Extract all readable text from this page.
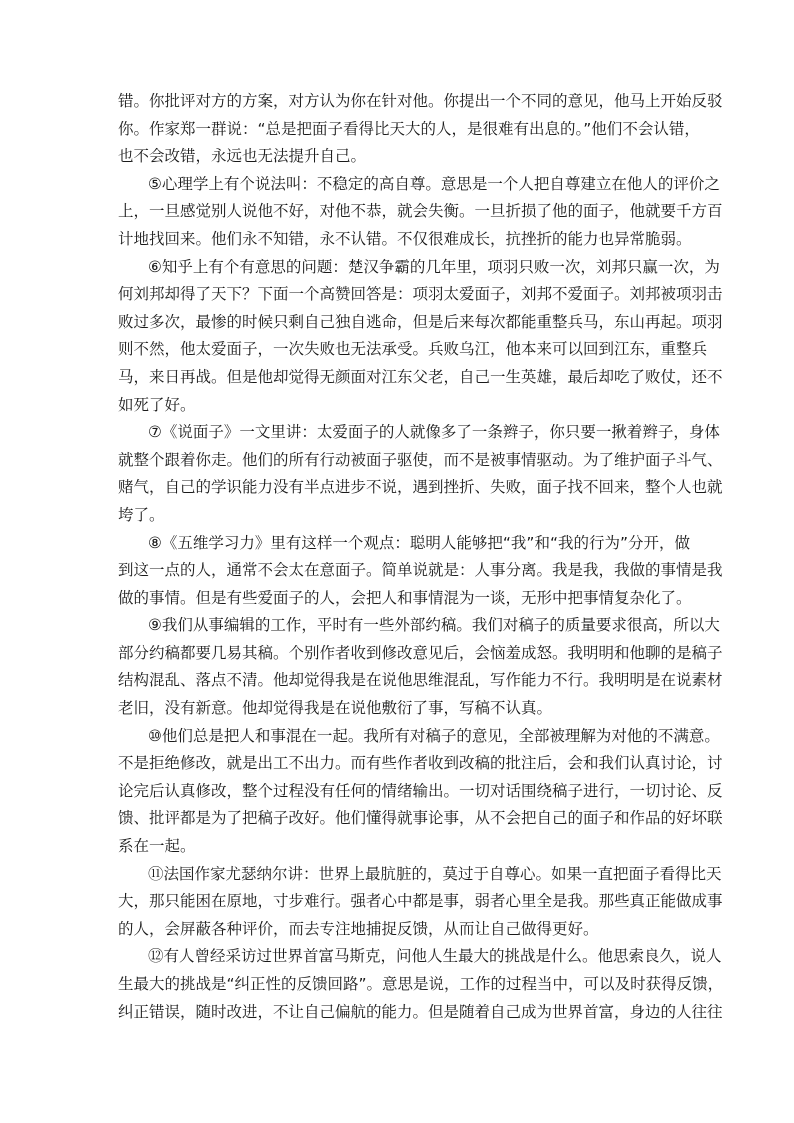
错。你批评对方的方案，对方认为你在针对他。你提出一个不同的意见，他马上开始反驳
你。作家郑一群说：“总是把面子看得比天大的人，是很难有出息的。”他们不会认错，
也不会改错，永远也无法提升自己。
⑤心理学上有个说法叫：不稳定的高自尊。意思是一个人把自尊建立在他人的评价之
上，一旦感觉别人说他不好，对他不恭，就会失衡。一旦折损了他的面子，他就要千方百
计地找回来。他们永不知错，永不认错。不仅很难成长，抗挫折的能力也异常脆弱。
⑥知乎上有个有意思的问题：楚汉争霸的几年里，项羽只败一次，刘邦只赢一次，为
何刘邦却得了天下？下面一个高赞回答是：项羽太爱面子，刘邦不爱面子。刘邦被项羽击
败过多次，最惨的时候只剩自己独自逃命，但是后来每次都能重整兵马，东山再起。项羽
则不然，他太爱面子，一次失败也无法承受。兵败乌江，他本来可以回到江东，重整兵
马，来日再战。但是他却觉得无颜面对江东父老，自己一生英雄，最后却吃了败仗，还不
如死了好。
⑦《说面子》一文里讲：太爱面子的人就像多了一条辫子，你只要一揪着辫子，身体
就整个跟着你走。他们的所有行动被面子驱使，而不是被事情驱动。为了维护面子斗气、
赌气，自己的学识能力没有半点进步不说，遇到挫折、失败，面子找不回来，整个人也就
垮了。
⑧《五维学习力》里有这样一个观点：聪明人能够把“我”和“我的行为”分开，做
到这一点的人，通常不会太在意面子。简单说就是：人事分离。我是我，我做的事情是我
做的事情。但是有些爱面子的人，会把人和事情混为一谈，无形中把事情复杂化了。
⑨我们从事编辑的工作，平时有一些外部约稿。我们对稿子的质量要求很高，所以大
部分约稿都要几易其稿。个别作者收到修改意见后，会恼羞成怒。我明明和他聊的是稿子
结构混乱、落点不清。他却觉得我是在说他思维混乱，写作能力不行。我明明是在说素材
老旧，没有新意。他却觉得我是在说他敷衍了事，写稿不认真。
⑩他们总是把人和事混在一起。我所有对稿子的意见，全部被理解为对他的不满意。
不是拒绝修改，就是出工不出力。而有些作者收到改稿的批注后，会和我们认真讨论，讨
论完后认真修改，整个过程没有任何的情绪输出。一切对话围绕稿子进行，一切讨论、反
馈、批评都是为了把稿子改好。他们懂得就事论事，从不会把自己的面子和作品的好坏联
系在一起。
⑪法国作家尤瑟纳尔讲：世界上最肮脏的，莫过于自尊心。如果一直把面子看得比天
大，那只能困在原地，寸步难行。强者心中都是事，弱者心里全是我。那些真正能做成事
的人，会屏蔽各种评价，而去专注地捕捉反馈，从而让自己做得更好。
⑫有人曾经采访过世界首富马斯克，问他人生最大的挑战是什么。他思索良久，说人
生最大的挑战是“纠正性的反馈回路”。意思是说，工作的过程当中，可以及时获得反馈，
纠正错误，随时改进，不让自己偏航的能力。但是随着自己成为世界首富，身边的人往往
